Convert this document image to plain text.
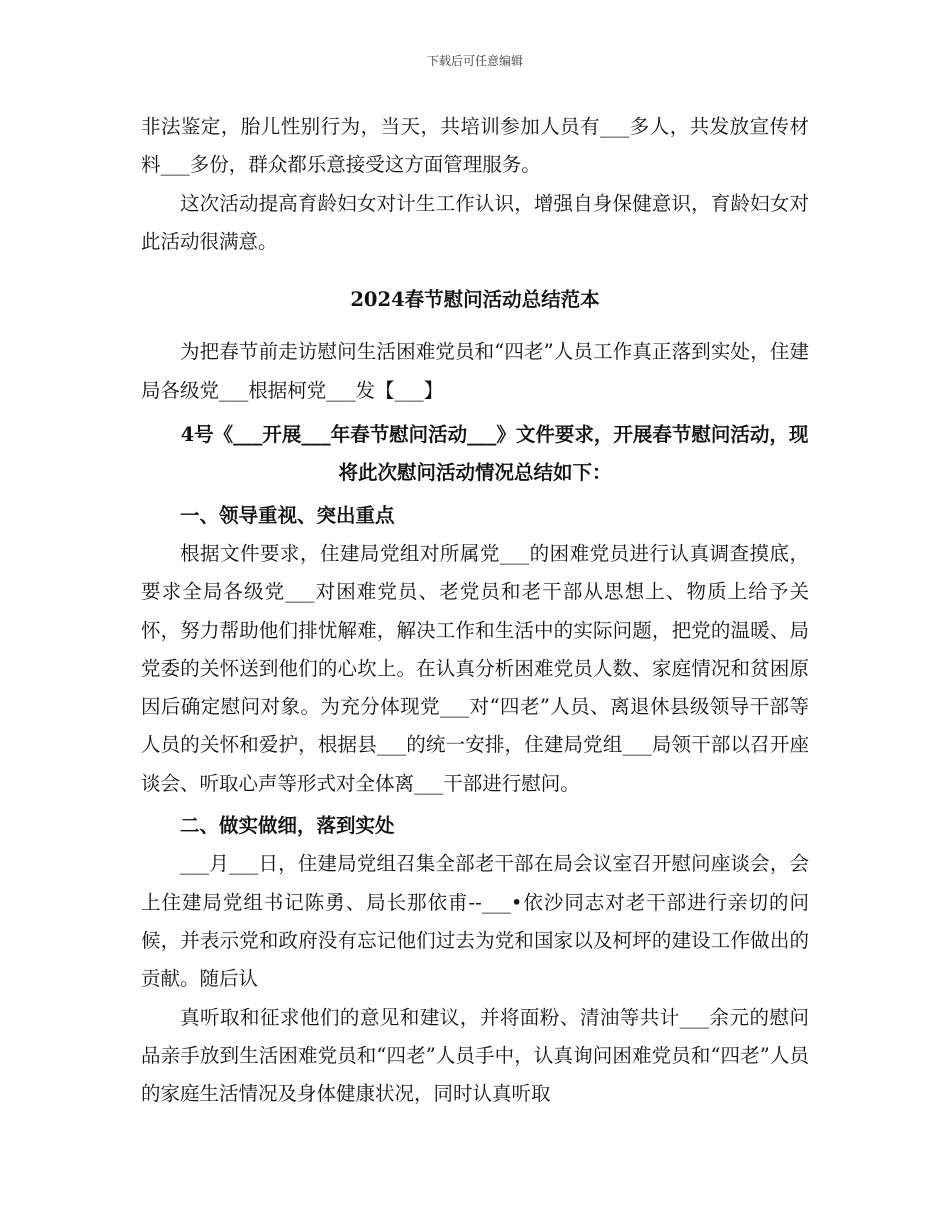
下载后可任意编辑

非法鉴定，胎儿性别行为，当天，共培训参加人员有___多人，共发放宣传材料___多份，群众都乐意接受这方面管理服务。

这次活动提高育龄妇女对计生工作认识，增强自身保健意识，育龄妇女对此活动很满意。

2024春节慰问活动总结范本

为把春节前走访慰问生活困难党员和“四老”人员工作真正落到实处，住建局各级党___根据柯党___发【___】

4号《___开展___年春节慰问活动___》文件要求，开展春节慰问活动，现将此次慰问活动情况总结如下：

一、领导重视、突出重点

根据文件要求，住建局党组对所属党___的困难党员进行认真调查摸底，要求全局各级党___对困难党员、老党员和老干部从思想上、物质上给予关怀，努力帮助他们排忧解难，解决工作和生活中的实际问题，把党的温暖、局党委的关怀送到他们的心坎上。在认真分析困难党员人数、家庭情况和贫困原因后确定慰问对象。为充分体现党___对“四老”人员、离退休县级领导干部等人员的关怀和爱护，根据县___的统一安排，住建局党组___局领干部以召开座谈会、听取心声等形式对全体离___干部进行慰问。

二、做实做细，落到实处

___月___日，住建局党组召集全部老干部在局会议室召开慰问座谈会，会上住建局党组书记陈勇、局长那依甫--___•依沙同志对老干部进行亲切的问候，并表示党和政府没有忘记他们过去为党和国家以及柯坪的建设工作做出的贡献。随后认

真听取和征求他们的意见和建议，并将面粉、清油等共计___余元的慰问品亲手放到生活困难党员和“四老”人员手中，认真询问困难党员和“四老”人员的家庭生活情况及身体健康状况，同时认真听取
